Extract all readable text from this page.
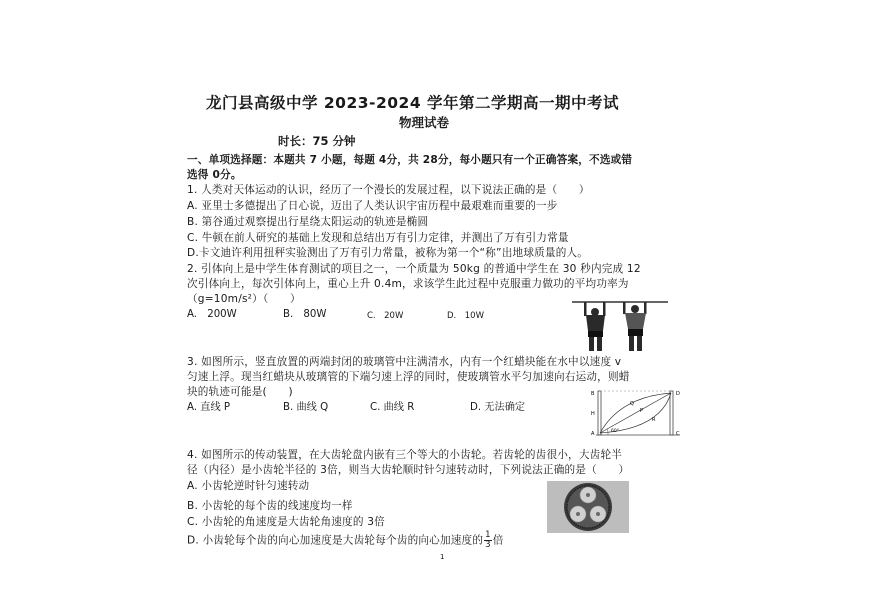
龙门县高级中学 2023-2024 学年第二学期高一期中考试
物理试卷
时长：75 分钟
一、单项选择题：本题共 7 小题，每题 4分，共 28分，每小题只有一个正确答案，不选或错
选得 0分。
1. 人类对天体运动的认识，经历了一个漫长的发展过程，以下说法正确的是（　　）
A. 亚里士多德提出了日心说，迈出了人类认识宇宙历程中最艰难而重要的一步
B. 第谷通过观察提出行星绕太阳运动的轨迹是椭圆
C. 牛顿在前人研究的基础上发现和总结出万有引力定律，并测出了万有引力常量
D.卡文迪许利用扭秤实验测出了万有引力常量，被称为第一个“称”出地球质量的人。
2. 引体向上是中学生体育测试的项目之一，一个质量为 50kg 的普通中学生在 30 秒内完成 12
次引体向上，每次引体向上，重心上升 0.4m，求该学生此过程中克服重力做功的平均功率为
（g=10m/s²）（　　）
A.　200W	B.　80W	C.　20W	D.　10W
3. 如图所示，竖直放置的两端封闭的玻璃管中注满清水，内有一个红蜡块能在水中以速度 v
匀速上浮。现当红蜡块从玻璃管的下端匀速上浮的同时，使玻璃管水平匀加速向右运动，则蜡
块的轨迹可能是(　　)
A. 直线 P	B. 曲线 Q	C. 曲线 R	D. 无法确定
B	D
A	C
H
Q
P
R
60°
4. 如图所示的传动装置，在大齿轮盘内嵌有三个等大的小齿轮。若齿轮的齿很小，大齿轮半
径（内径）是小齿轮半径的 3倍，则当大齿轮顺时针匀速转动时，下列说法正确的是（　　）
A. 小齿轮逆时针匀速转动
B. 小齿轮的每个齿的线速度均一样
C. 小齿轮的角速度是大齿轮角速度的 3倍
D. 小齿轮每个齿的向心加速度是大齿轮每个齿的向心加速度的 $\frac{1}{3}$ 倍
1
